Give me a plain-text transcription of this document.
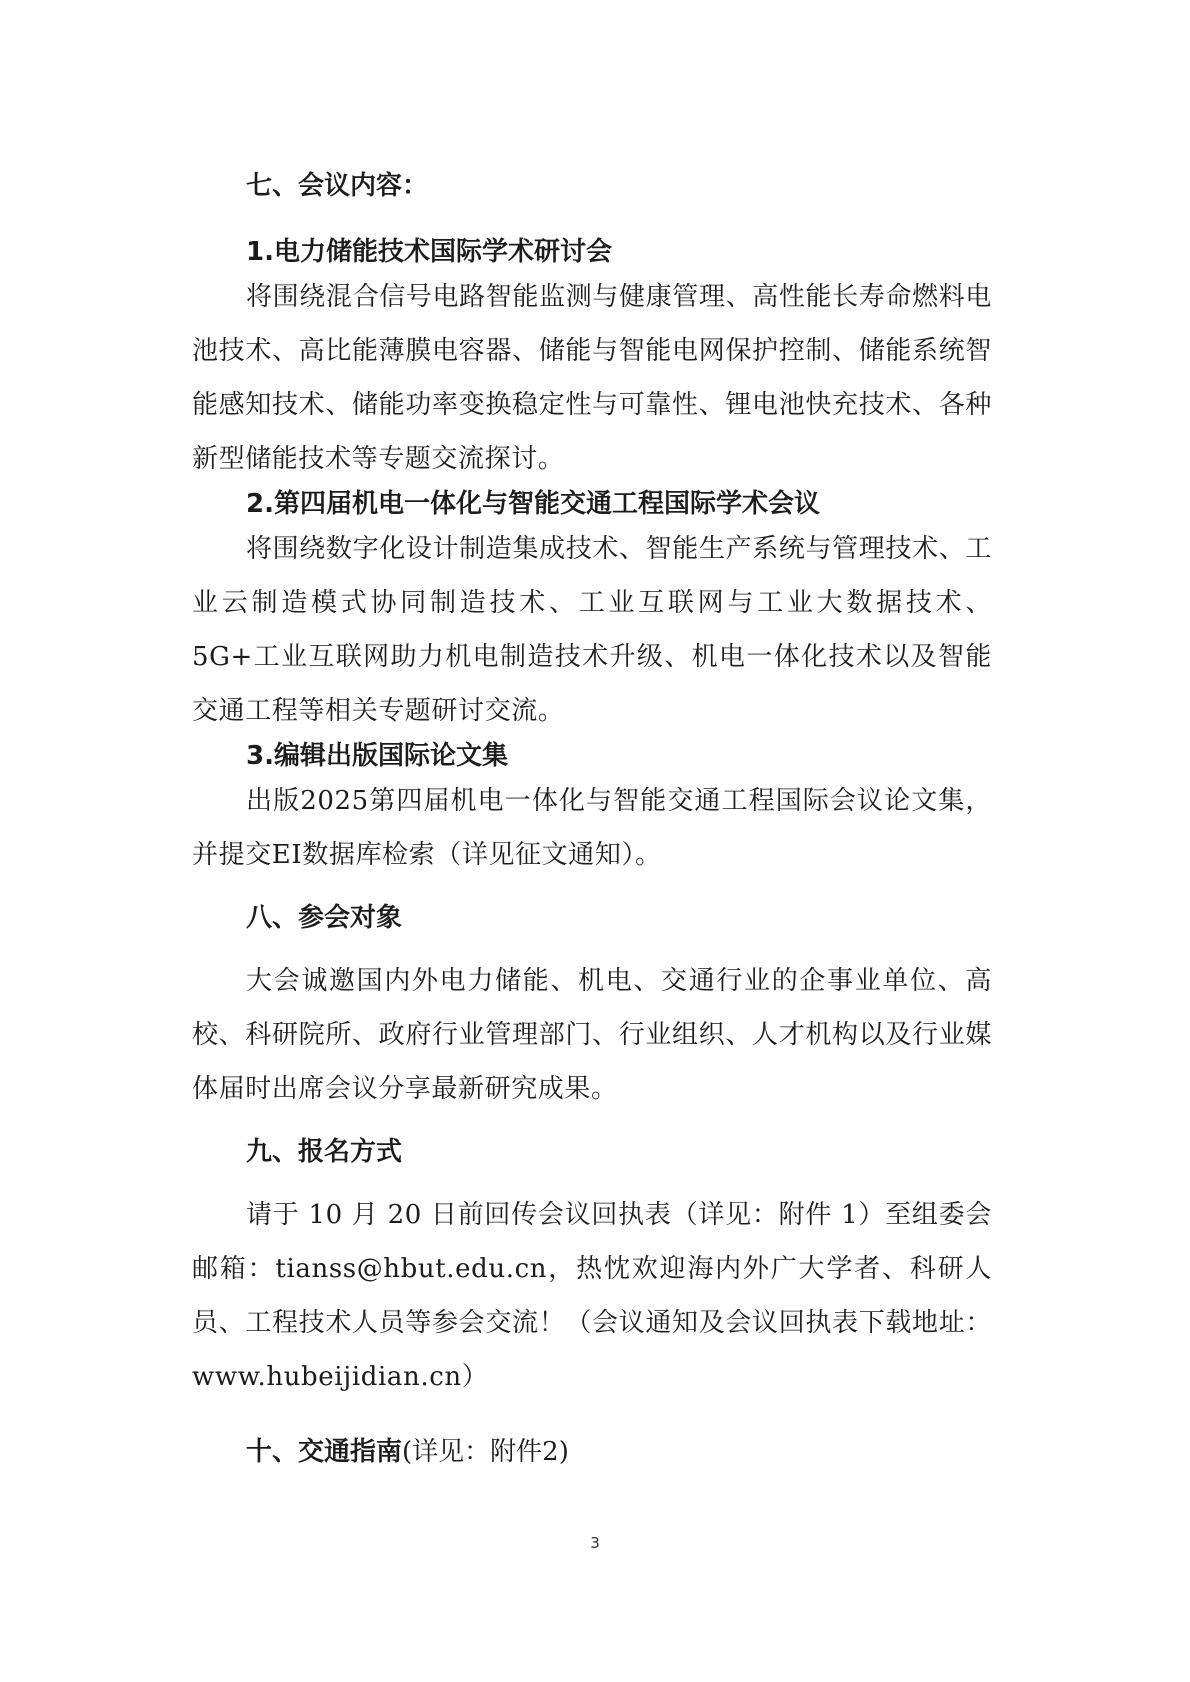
七、会议内容：
1.电力储能技术国际学术研讨会

将围绕混合信号电路智能监测与健康管理、高性能长寿命燃料电池技术、高比能薄膜电容器、储能与智能电网保护控制、储能系统智能感知技术、储能功率变换稳定性与可靠性、锂电池快充技术、各种新型储能技术等专题交流探讨。

2.第四届机电一体化与智能交通工程国际学术会议

将围绕数字化设计制造集成技术、智能生产系统与管理技术、工业云制造模式协同制造技术、工业互联网与工业大数据技术、5G+工业互联网助力机电制造技术升级、机电一体化技术以及智能交通工程等相关专题研讨交流。

3.编辑出版国际论文集

出版2025第四届机电一体化与智能交通工程国际会议论文集，并提交EI数据库检索（详见征文通知）。

八、参会对象

大会诚邀国内外电力储能、机电、交通行业的企事业单位、高校、科研院所、政府行业管理部门、行业组织、人才机构以及行业媒体届时出席会议分享最新研究成果。

九、报名方式

请于 10 月 20 日前回传会议回执表（详见：附件 1）至组委会邮箱：tianss@hbut.edu.cn，热忱欢迎海内外广大学者、科研人员、工程技术人员等参会交流！（会议通知及会议回执表下载地址：www.hubeijidian.cn）

十、交通指南(详见：附件2)
3
